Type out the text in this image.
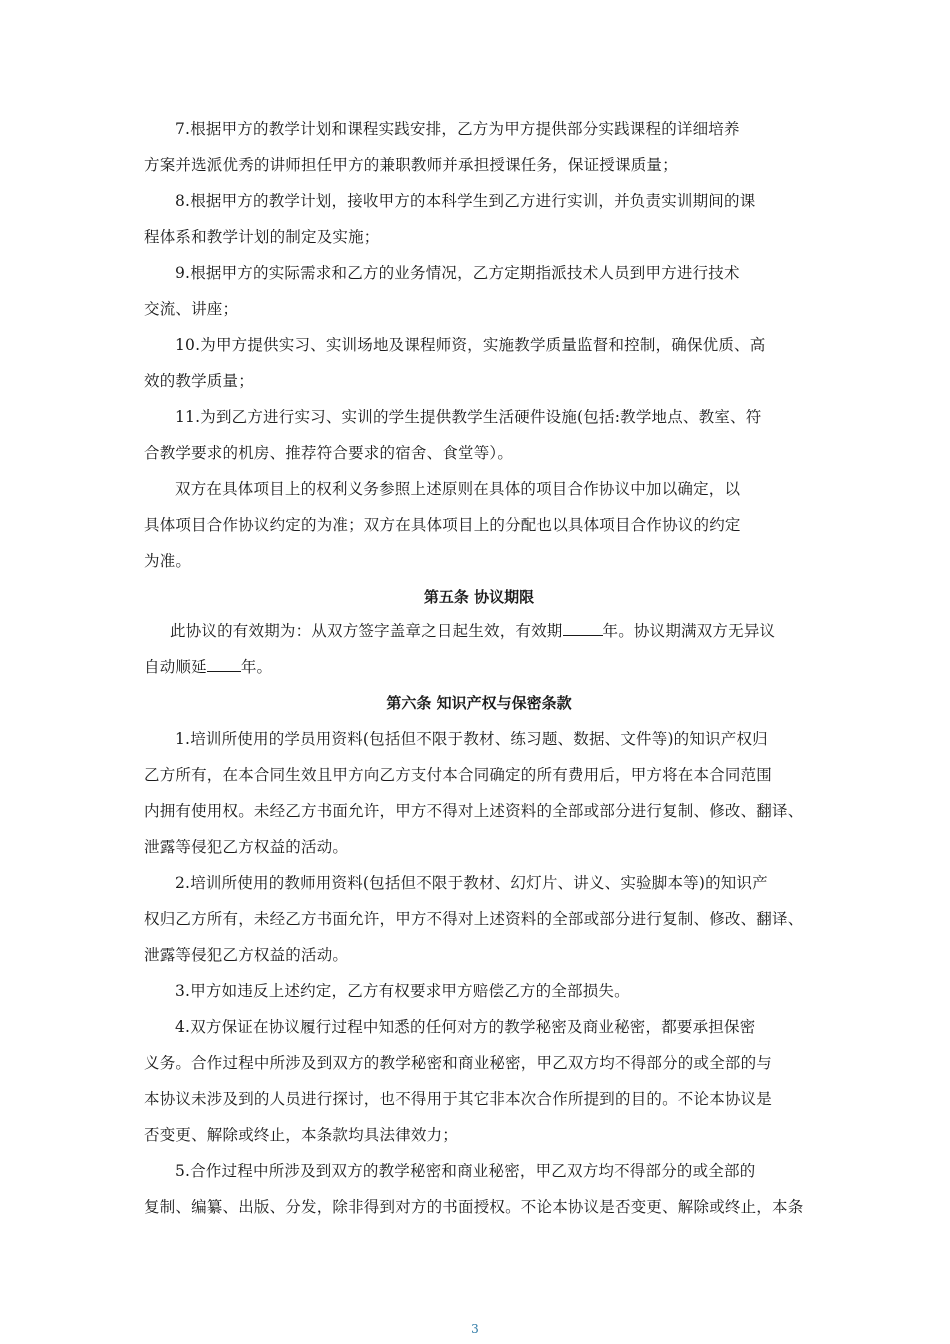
7.根据甲方的教学计划和课程实践安排，乙方为甲方提供部分实践课程的详细培养
方案并选派优秀的讲师担任甲方的兼职教师并承担授课任务，保证授课质量；
8.根据甲方的教学计划，接收甲方的本科学生到乙方进行实训，并负责实训期间的课
程体系和教学计划的制定及实施；
9.根据甲方的实际需求和乙方的业务情况，乙方定期指派技术人员到甲方进行技术
交流、讲座；
10.为甲方提供实习、实训场地及课程师资，实施教学质量监督和控制，确保优质、高
效的教学质量；
11.为到乙方进行实习、实训的学生提供教学生活硬件设施(包括:教学地点、教室、符
合教学要求的机房、推荐符合要求的宿舍、食堂等）。
双方在具体项目上的权利义务参照上述原则在具体的项目合作协议中加以确定，以
具体项目合作协议约定的为准；双方在具体项目上的分配也以具体项目合作协议的约定
为准。
第五条 协议期限
此协议的有效期为：从双方签字盖章之日起生效，有效期	年。协议期满双方无异议
自动顺延 年。
第六条 知识产权与保密条款
1.培训所使用的学员用资料(包括但不限于教材、练习题、数据、文件等)的知识产权归
乙方所有，在本合同生效且甲方向乙方支付本合同确定的所有费用后，甲方将在本合同范围
内拥有使用权。未经乙方书面允许，甲方不得对上述资料的全部或部分进行复制、修改、翻译、
泄露等侵犯乙方权益的活动。
2.培训所使用的教师用资料(包括但不限于教材、幻灯片、讲义、实验脚本等)的知识产
权归乙方所有，未经乙方书面允许，甲方不得对上述资料的全部或部分进行复制、修改、翻译、
泄露等侵犯乙方权益的活动。
3.甲方如违反上述约定，乙方有权要求甲方赔偿乙方的全部损失。
4.双方保证在协议履行过程中知悉的任何对方的教学秘密及商业秘密，都要承担保密
义务。合作过程中所涉及到双方的教学秘密和商业秘密，甲乙双方均不得部分的或全部的与
本协议未涉及到的人员进行探讨，也不得用于其它非本次合作所提到的目的。不论本协议是
否变更、解除或终止，本条款均具法律效力；
5.合作过程中所涉及到双方的教学秘密和商业秘密，甲乙双方均不得部分的或全部的
复制、编纂、出版、分发，除非得到对方的书面授权。不论本协议是否变更、解除或终止，本条
3
